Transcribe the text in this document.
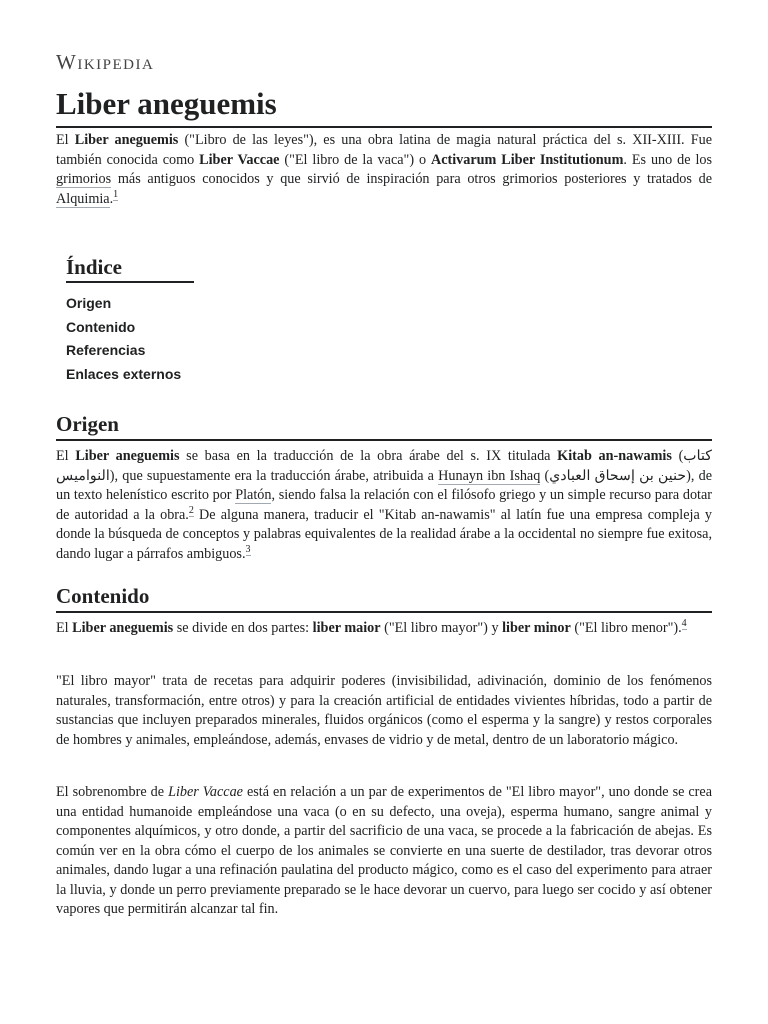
Wikipedia
Liber aneguemis

El Liber aneguemis ("Libro de las leyes"), es una obra latina de magia natural práctica del s. XII-XIII. Fue también conocida como Liber Vaccae ("El libro de la vaca") o Activarum Liber Institutionum. Es uno de los grimorios más antiguos conocidos y que sirvió de inspiración para otros grimorios posteriores y tratados de Alquimia.$^1$

Índice
Origen
Contenido
Referencias
Enlaces externos
Origen

El Liber aneguemis se basa en la traducción de la obra árabe del s. IX titulada Kitab an-nawamis (كتاب النواميس), que supuestamente era la traducción árabe, atribuida a Hunayn ibn Ishaq (حنين بن إسحاق العبادي), de un texto helenístico escrito por Platón, siendo falsa la relación con el filósofo griego y un simple recurso para dotar de autoridad a la obra.$^2$ De alguna manera, traducir el "Kitab an-nawamis" al latín fue una empresa compleja y donde la búsqueda de conceptos y palabras equivalentes de la realidad árabe a la occidental no siempre fue exitosa, dando lugar a párrafos ambiguos.$^3$

Contenido

El Liber aneguemis se divide en dos partes: liber maior ("El libro mayor") y liber minor ("El libro menor").$^4$

"El libro mayor" trata de recetas para adquirir poderes (invisibilidad, adivinación, dominio de los fenómenos naturales, transformación, entre otros) y para la creación artificial de entidades vivientes híbridas, todo a partir de sustancias que incluyen preparados minerales, fluidos orgánicos (como el esperma y la sangre) y restos corporales de hombres y animales, empleándose, además, envases de vidrio y de metal, dentro de un laboratorio mágico.

El sobrenombre de Liber Vaccae está en relación a un par de experimentos de "El libro mayor", uno donde se crea una entidad humanoide empleándose una vaca (o en su defecto, una oveja), esperma humano, sangre animal y componentes alquímicos, y otro donde, a partir del sacrificio de una vaca, se procede a la fabricación de abejas. Es común ver en la obra cómo el cuerpo de los animales se convierte en una suerte de destilador, tras devorar otros animales, dando lugar a una refinación paulatina del producto mágico, como es el caso del experimento para atraer la lluvia, y donde un perro previamente preparado se le hace devorar un cuervo, para luego ser cocido y así obtener vapores que permitirán alcanzar tal fin.
